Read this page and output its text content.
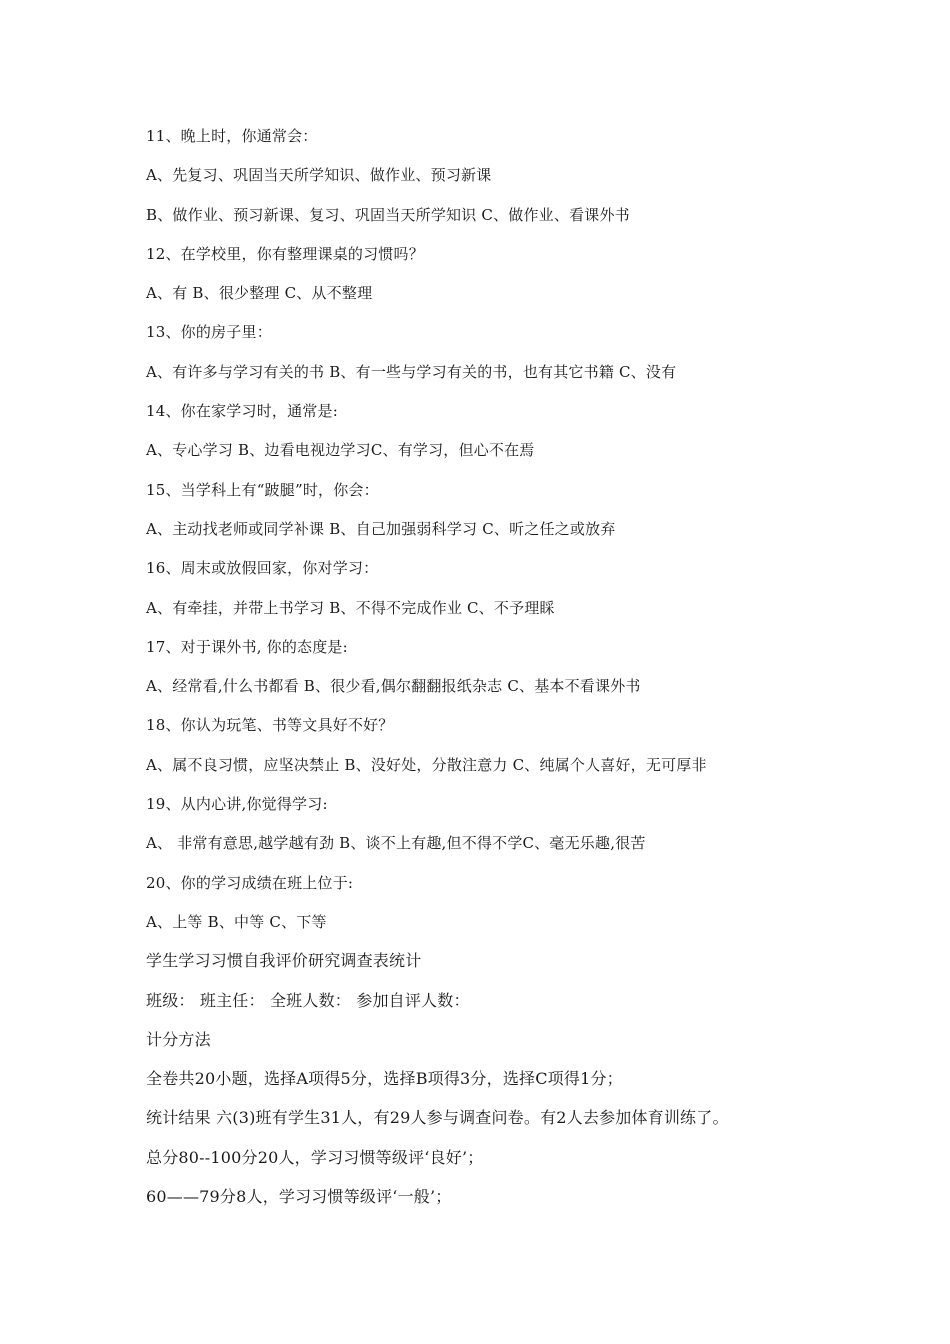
11、晚上时，你通常会：
A、先复习、巩固当天所学知识、做作业、预习新课
B、做作业、预习新课、复习、巩固当天所学知识 C、做作业、看课外书
12、在学校里，你有整理课桌的习惯吗？
A、有 B、很少整理 C、从不整理
13、你的房子里：
A、有许多与学习有关的书 B、有一些与学习有关的书，也有其它书籍 C、没有
14、你在家学习时，通常是:
A、专心学习 B、边看电视边学习C、有学习，但心不在焉
15、当学科上有“跛腿”时，你会：
A、主动找老师或同学补课 B、自己加强弱科学习 C、听之任之或放弃
16、周末或放假回家，你对学习：
A、有牵挂，并带上书学习 B、不得不完成作业 C、不予理睬
17、对于课外书, 你的态度是:
A、经常看,什么书都看 B、很少看,偶尔翻翻报纸杂志 C、基本不看课外书
18、你认为玩笔、书等文具好不好？
A、属不良习惯，应坚决禁止 B、没好处，分散注意力 C、纯属个人喜好，无可厚非
19、从内心讲,你觉得学习:
A、 非常有意思,越学越有劲 B、谈不上有趣,但不得不学C、毫无乐趣,很苦
20、你的学习成绩在班上位于:
A、上等 B、中等 C、下等
学生学习习惯自我评价研究调查表统计
班级： 班主任： 全班人数： 参加自评人数：
计分方法
全卷共20小题，选择A项得5分，选择B项得3分，选择C项得1分；
统计结果 六(3)班有学生31人，有29人参与调查问卷。有2人去参加体育训练了。
总分80--100分20人，学习习惯等级评‘良好’；
60——79分8人，学习习惯等级评‘一般’；
